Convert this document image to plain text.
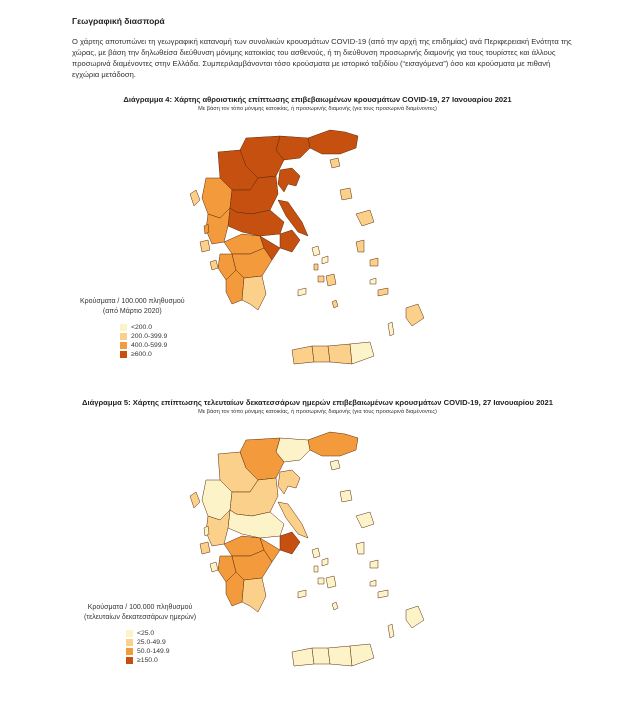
Γεωγραφική διασπορά

Ο χάρτης αποτυπώνει τη γεωγραφική κατανομή των συνολικών κρουσμάτων COVID-19 (από την αρχή της επιδημίας) ανά Περιφερειακή Ενότητα της χώρας, με βάση την δηλωθείσα διεύθυνση μόνιμης κατοικίας του ασθενούς, ή τη διεύθυνση προσωρινής διαμονής για τους τουρίστες και άλλους προσωρινά διαμένοντες στην Ελλάδα. Συμπεριλαμβάνονται τόσο κρούσματα με ιστορικό ταξιδίου (“εισαγόμενα”) όσο και κρούσματα με πιθανή εγχώρια μετάδοση.

Διάγραμμα 4: Χάρτης αθροιστικής επίπτωσης επιβεβαιωμένων κρουσμάτων COVID-19, 27 Ιανουαρίου 2021

Με βάση τον τόπο μόνιμης κατοικίας, ή προσωρινής διαμονής (για τους προσωρινά διαμένοντες)

Κρούσματα / 100.000 πληθυσμού
(από Μάρτιο 2020)
<200.0
200.0-399.9
400.0-599.9
≥600.0

Διάγραμμα 5: Χάρτης επίπτωσης τελευταίων δεκατεσσάρων ημερών επιβεβαιωμένων κρουσμάτων COVID-19, 27 Ιανουαρίου 2021

Με βάση τον τόπο μόνιμης κατοικίας, ή προσωρινής διαμονής (για τους προσωρινά διαμένοντες)

Κρούσματα / 100.000 πληθυσμού
(τελευταίων δεκατεσσάρων ημερών)
<25.0
25.0-49.9
50.0-149.9
≥150.0
